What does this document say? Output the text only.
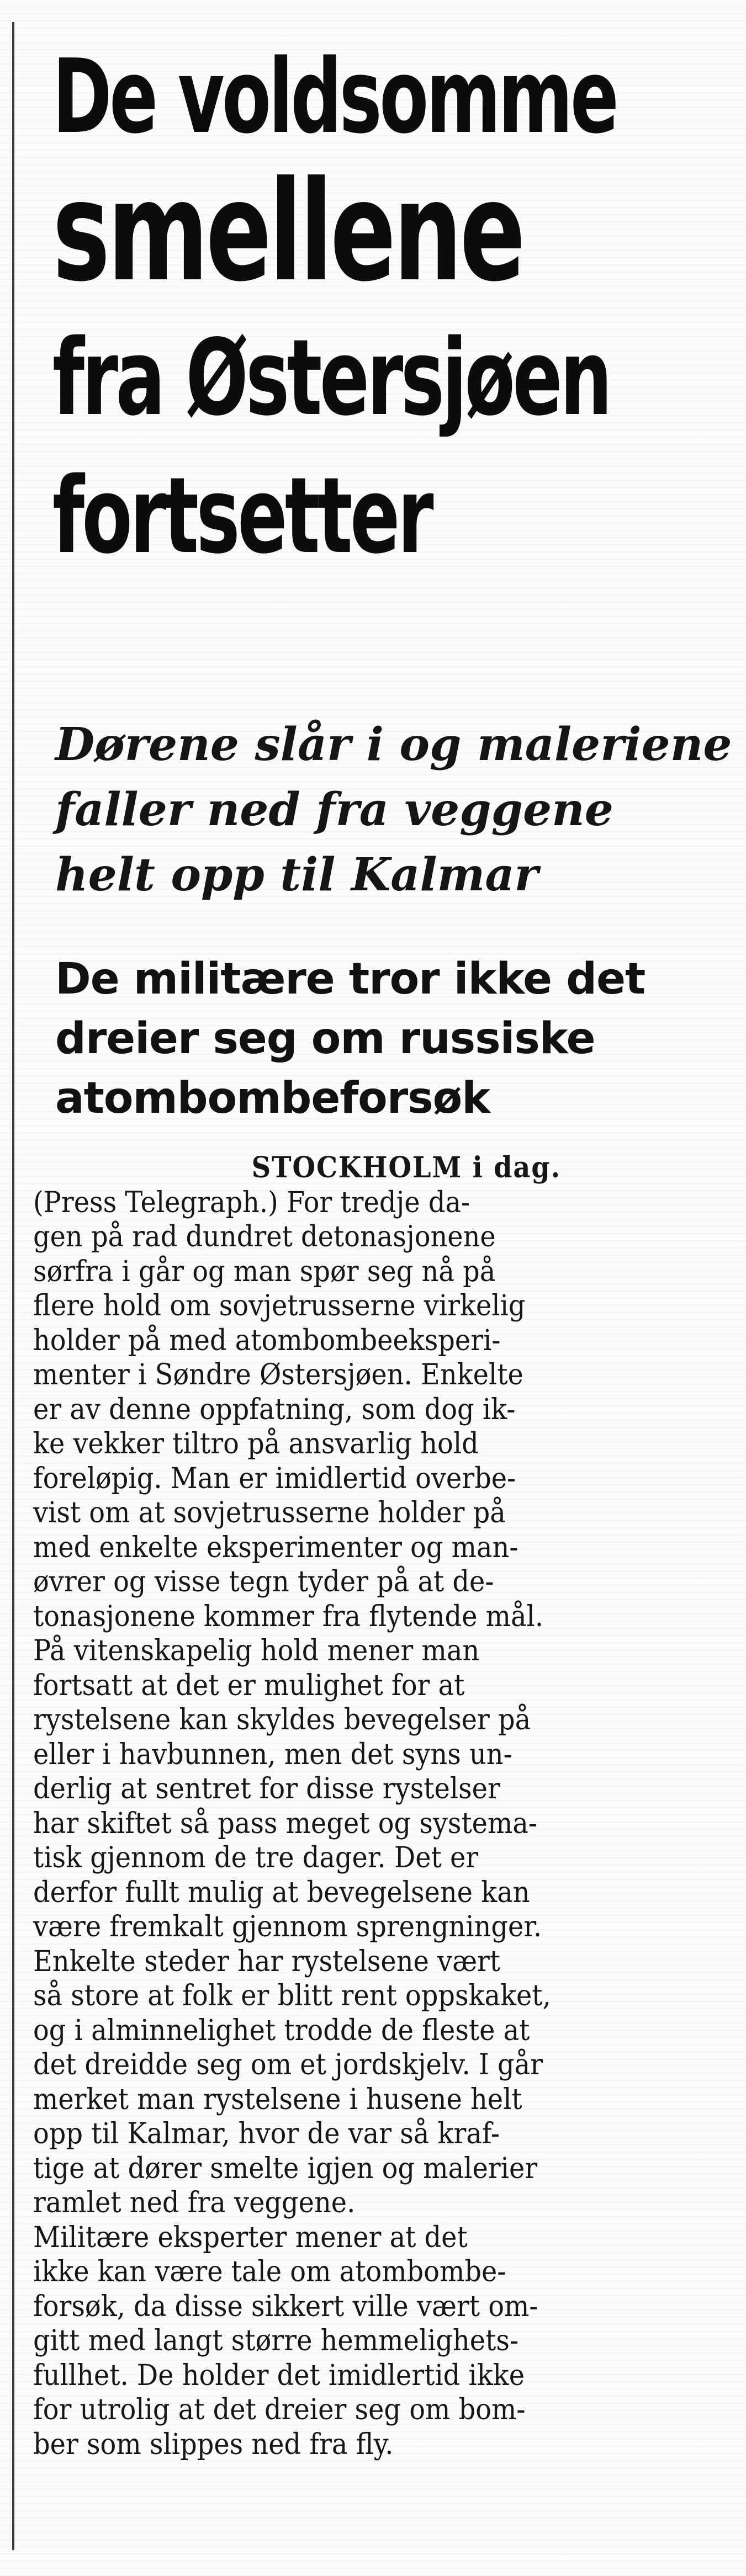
De voldsomme
smellene
fra Østersjøen
fortsetter
Dørene slår i og maleriene
faller ned fra veggene
helt opp til Kalmar
De militære tror ikke det
dreier seg om russiske
atombombeforsøk
STOCKHOLM i dag.
(Press Telegraph.) For tredje da-
gen på rad dundret detonasjonene
sørfra i går og man spør seg nå på
flere hold om sovjetrusserne virkelig
holder på med atombombeeksperi-
menter i Søndre Østersjøen. Enkelte
er av denne oppfatning, som dog ik-
ke vekker tiltro på ansvarlig hold
foreløpig. Man er imidlertid overbe-
vist om at sovjetrusserne holder på
med enkelte eksperimenter og man-
øvrer og visse tegn tyder på at de-
tonasjonene kommer fra flytende mål.
På vitenskapelig hold mener man
fortsatt at det er mulighet for at
rystelsene kan skyldes bevegelser på
eller i havbunnen, men det syns un-
derlig at sentret for disse rystelser
har skiftet så pass meget og systema-
tisk gjennom de tre dager. Det er
derfor fullt mulig at bevegelsene kan
være fremkalt gjennom sprengninger.
Enkelte steder har rystelsene vært
så store at folk er blitt rent oppskaket,
og i alminnelighet trodde de fleste at
det dreidde seg om et jordskjelv. I går
merket man rystelsene i husene helt
opp til Kalmar, hvor de var så kraf-
tige at dører smelte igjen og malerier
ramlet ned fra veggene.
Militære eksperter mener at det
ikke kan være tale om atombombe-
forsøk, da disse sikkert ville vært om-
gitt med langt større hemmelighets-
fullhet. De holder det imidlertid ikke
for utrolig at det dreier seg om bom-
ber som slippes ned fra fly.
